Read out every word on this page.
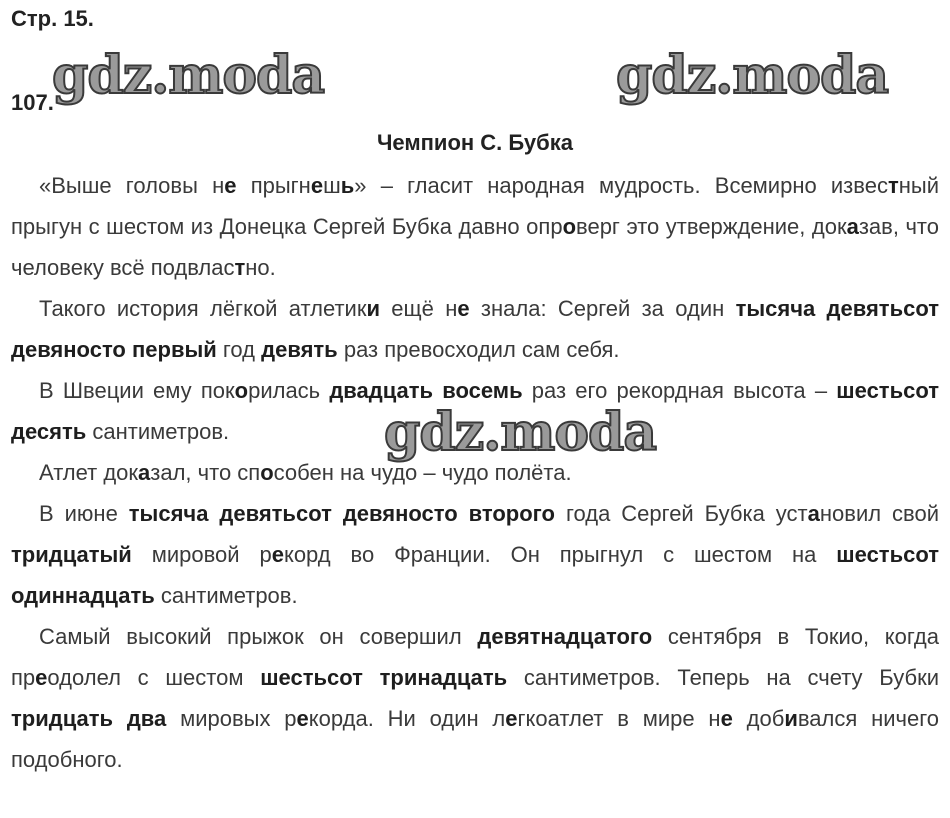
Стр. 15.
107.
gdz.moda	gdz.moda
Чемпион С. Бубка

«Выше головы не прыгнешь» – гласит народная мудрость. Всемирно известный прыгун с шестом из Донецка Сергей Бубка давно опроверг это утверждение, доказав, что человеку всё подвластно.

Такого история лёгкой атлетики ещё не знала: Сергей за один тысяча девятьсот девяносто первый год девять раз превосходил сам себя.

В Швеции ему покорилась двадцать восемь раз его рекордная высота – шестьсот десять сантиметров.

Атлет доказал, что способен на чудо – чудо полёта.

В июне тысяча девятьсот девяносто второго года Сергей Бубка установил свой тридцатый мировой рекорд во Франции. Он прыгнул с шестом на шестьсот одиннадцать сантиметров.

Самый высокий прыжок он совершил девятнадцатого сентября в Токио, когда преодолел с шестом шестьсот тринадцать сантиметров. Теперь на счету Бубки тридцать два мировых рекорда. Ни один легкоатлет в мире не добивался ничего подобного.

gdz.moda
